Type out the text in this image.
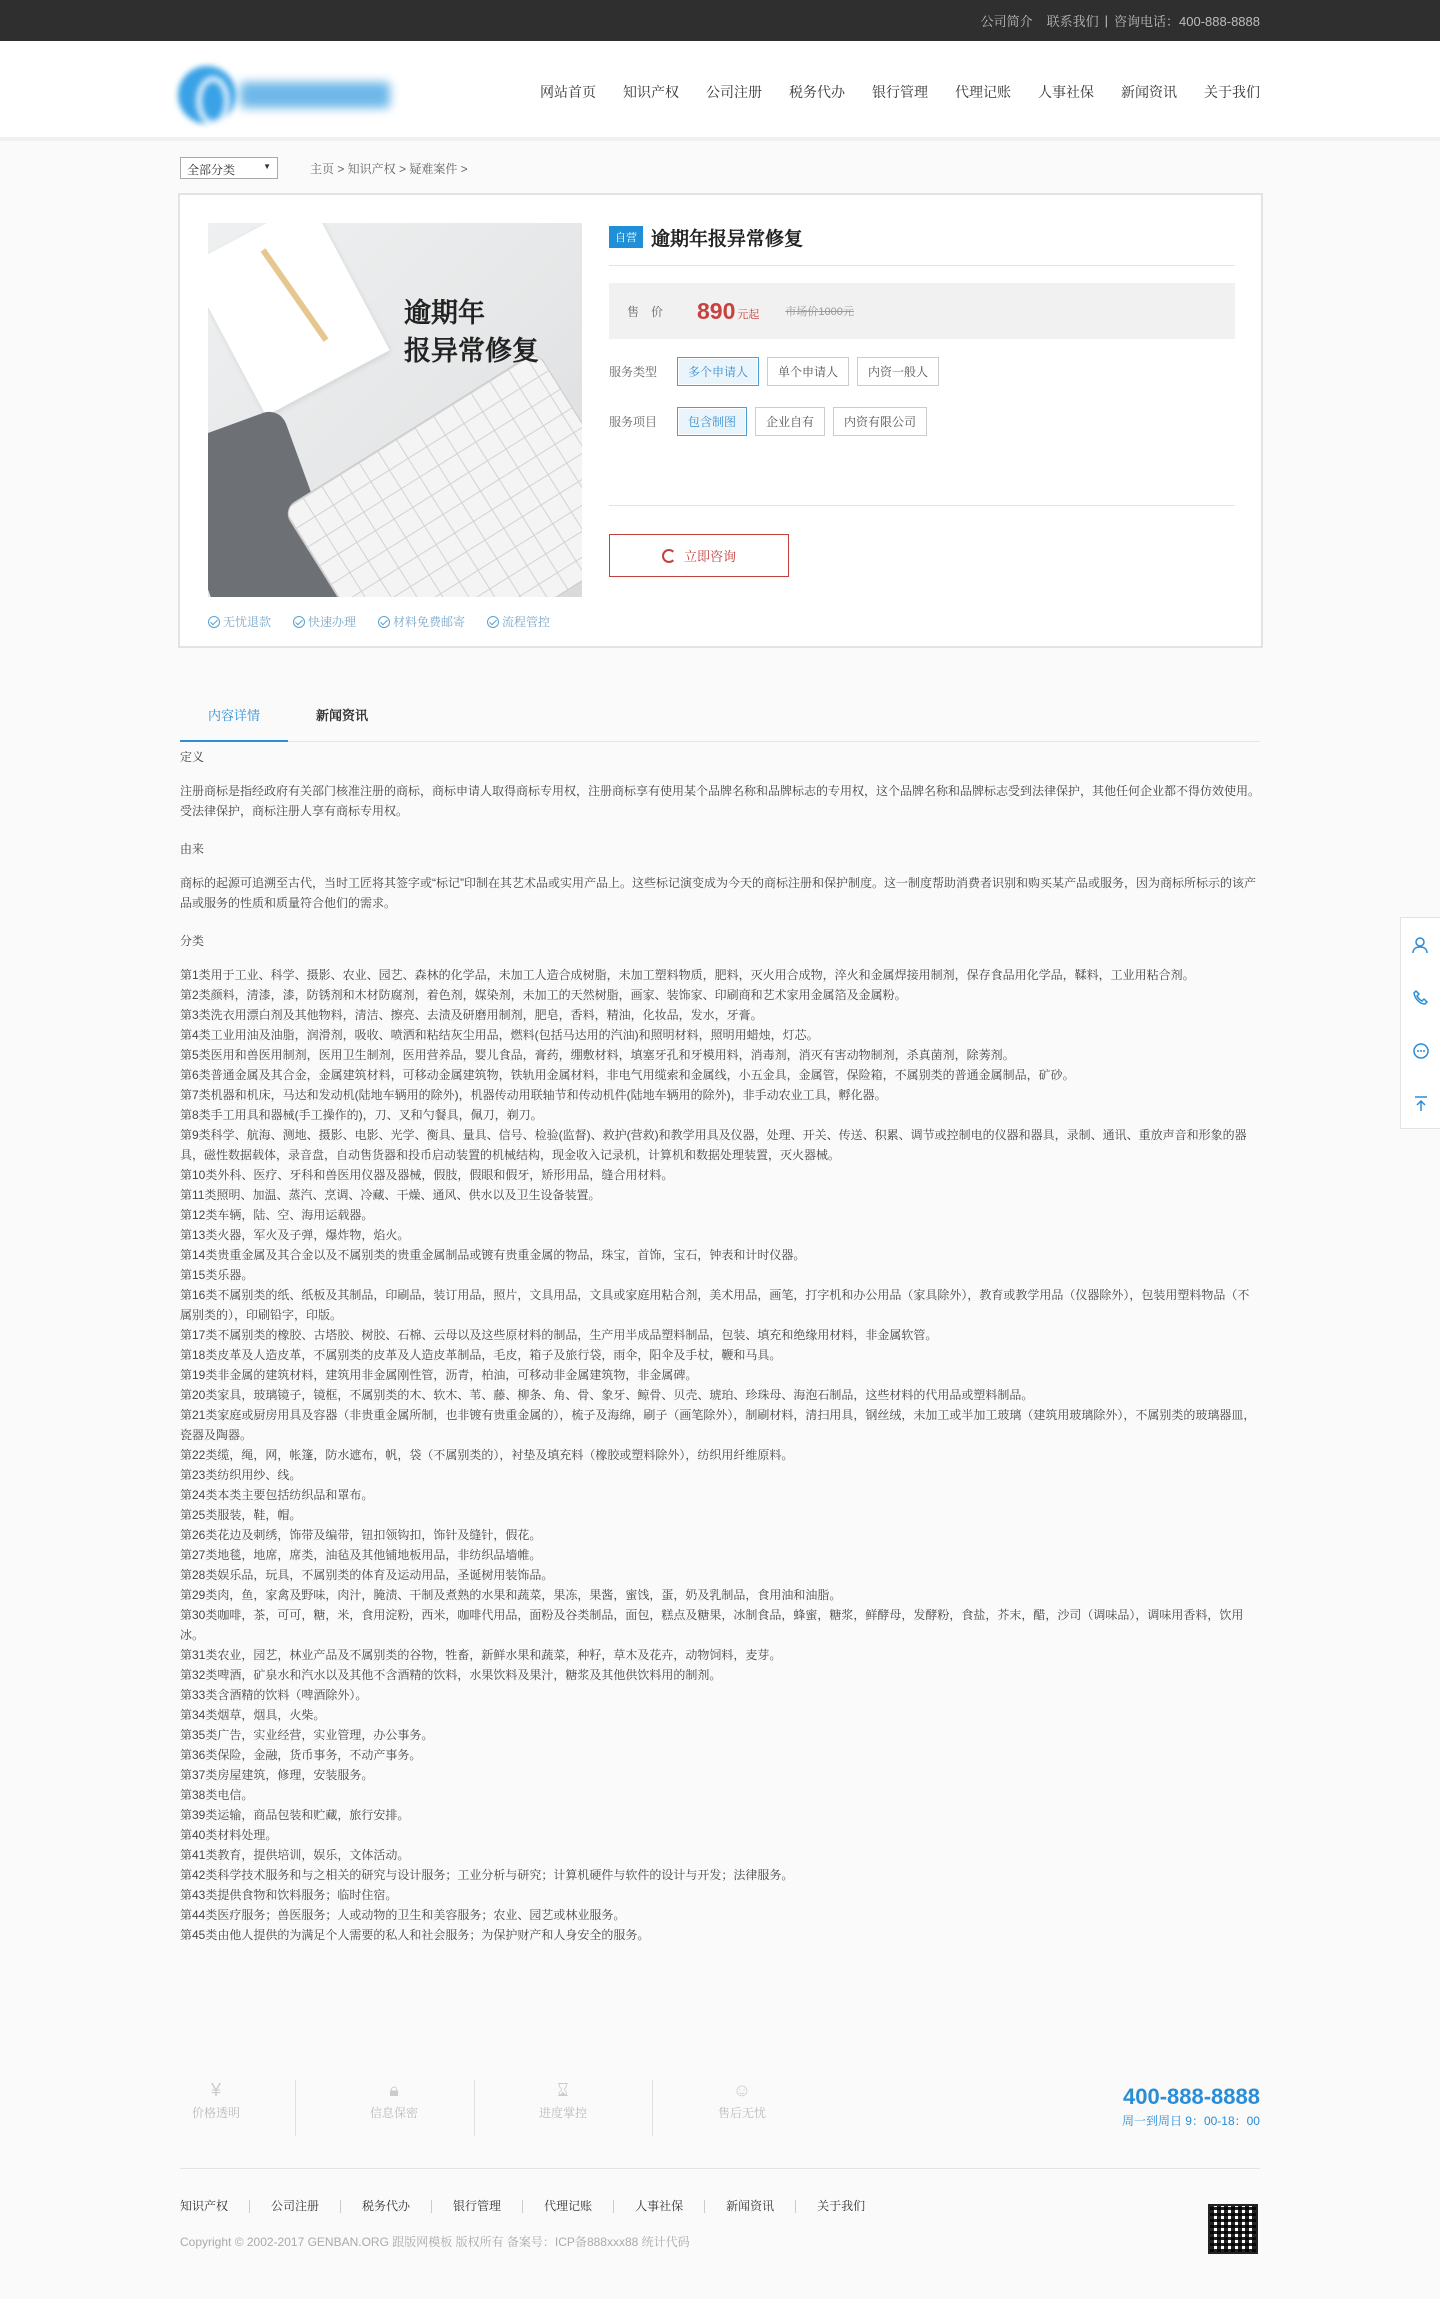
公司简介 联系我们 | 咨询电话：400-888-8888
网站首页 知识产权 公司注册 税务代办 银行管理 代理记账 人事社保 新闻资讯 关于我们
全部分类	▼	主页 > 知识产权 > 疑难案件 >
逾期年
报异常修复
无忧退款	快速办理	材料免费邮寄	流程管控
自营 逾期年报异常修复
售　价	890 元起 市场价1000元
服务类型	多个申请人	单个申请人	内资一般人
服务项目	包含制图	企业自有	内资有限公司
立即咨询
内容详情	新闻资讯
定义
注册商标是指经政府有关部门核准注册的商标，商标申请人取得商标专用权，注册商标享有使用某个品牌名称和品牌标志的专用权，这个品牌名称和品牌标志受到法律保护，其他任何企业都不得仿效使用。受法律保护，商标注册人享有商标专用权。
由来
商标的起源可追溯至古代，当时工匠将其签字或“标记”印制在其艺术品或实用产品上。这些标记演变成为今天的商标注册和保护制度。这一制度帮助消费者识别和购买某产品或服务，因为商标所标示的该产品或服务的性质和质量符合他们的需求。
分类
第1类用于工业、科学、摄影、农业、园艺、森林的化学品，未加工人造合成树脂，未加工塑料物质，肥料，灭火用合成物，淬火和金属焊接用制剂，保存食品用化学品，鞣料，工业用粘合剂。
第2类颜料，清漆，漆，防锈剂和木材防腐剂，着色剂，媒染剂，未加工的天然树脂，画家、装饰家、印刷商和艺术家用金属箔及金属粉。
第3类洗衣用漂白剂及其他物料，清洁、擦亮、去渍及研磨用制剂，肥皂，香料，精油，化妆品，发水，牙膏。
第4类工业用油及油脂，润滑剂，吸收、喷洒和粘结灰尘用品，燃料(包括马达用的汽油)和照明材料，照明用蜡烛，灯芯。
第5类医用和兽医用制剂，医用卫生制剂，医用营养品，婴儿食品，膏药，绷敷材料，填塞牙孔和牙模用料，消毒剂，消灭有害动物制剂，杀真菌剂，除莠剂。
第6类普通金属及其合金，金属建筑材料，可移动金属建筑物，铁轨用金属材料，非电气用缆索和金属线，小五金具，金属管，保险箱，不属别类的普通金属制品，矿砂。
第7类机器和机床，马达和发动机(陆地车辆用的除外)，机器传动用联轴节和传动机件(陆地车辆用的除外)，非手动农业工具，孵化器。
第8类手工用具和器械(手工操作的)，刀、叉和勺餐具，佩刀，剃刀。
第9类科学、航海、测地、摄影、电影、光学、衡具、量具、信号、检验(监督)、救护(营救)和教学用具及仪器，处理、开关、传送、积累、调节或控制电的仪器和器具，录制、通讯、重放声音和形象的器具，磁性数据载体，录音盘，自动售货器和投币启动装置的机械结构，现金收入记录机，计算机和数据处理装置，灭火器械。
第10类外科、医疗、牙科和兽医用仪器及器械，假肢，假眼和假牙，矫形用品，缝合用材料。
第11类照明、加温、蒸汽、烹调、冷藏、干燥、通风、供水以及卫生设备装置。
第12类车辆，陆、空、海用运载器。
第13类火器，军火及子弹，爆炸物，焰火。
第14类贵重金属及其合金以及不属别类的贵重金属制品或镀有贵重金属的物品，珠宝，首饰，宝石，钟表和计时仪器。
第15类乐器。
第16类不属别类的纸、纸板及其制品，印刷品，装订用品，照片，文具用品，文具或家庭用粘合剂，美术用品，画笔，打字机和办公用品（家具除外），教育或教学用品（仪器除外），包装用塑料物品（不属别类的），印刷铅字，印版。
第17类不属别类的橡胶、古塔胶、树胶、石棉、云母以及这些原材料的制品，生产用半成品塑料制品，包装、填充和绝缘用材料，非金属软管。
第18类皮革及人造皮革，不属别类的皮革及人造皮革制品，毛皮，箱子及旅行袋，雨伞，阳伞及手杖，鞭和马具。
第19类非金属的建筑材料，建筑用非金属刚性管，沥青，柏油，可移动非金属建筑物，非金属碑。
第20类家具，玻璃镜子，镜框，不属别类的木、软木、苇、藤、柳条、角、骨、象牙、鲸骨、贝壳、琥珀、珍珠母、海泡石制品，这些材料的代用品或塑料制品。
第21类家庭或厨房用具及容器（非贵重金属所制，也非镀有贵重金属的），梳子及海绵，刷子（画笔除外），制刷材料，清扫用具，钢丝绒，未加工或半加工玻璃（建筑用玻璃除外），不属别类的玻璃器皿，瓷器及陶器。
第22类缆，绳，网，帐篷，防水遮布，帆，袋（不属别类的），衬垫及填充料（橡胶或塑料除外），纺织用纤维原料。
第23类纺织用纱、线。
第24类本类主要包括纺织品和罩布。
第25类服装，鞋，帽。
第26类花边及刺绣，饰带及编带，钮扣领钩扣，饰针及缝针，假花。
第27类地毯，地席，席类，油毡及其他铺地板用品，非纺织品墙帷。
第28类娱乐品，玩具，不属别类的体育及运动用品，圣诞树用装饰品。
第29类肉，鱼，家禽及野味，肉汁，腌渍、干制及煮熟的水果和蔬菜，果冻，果酱，蜜饯，蛋，奶及乳制品，食用油和油脂。
第30类咖啡，茶，可可，糖，米，食用淀粉，西米，咖啡代用品，面粉及谷类制品，面包，糕点及糖果，冰制食品，蜂蜜，糖浆，鲜酵母，发酵粉，食盐，芥末，醋，沙司（调味品），调味用香料，饮用冰。
第31类农业，园艺，林业产品及不属别类的谷物，牲畜，新鲜水果和蔬菜，种籽，草木及花卉，动物饲料，麦芽。
第32类啤酒，矿泉水和汽水以及其他不含酒精的饮料，水果饮料及果汁，糖浆及其他供饮料用的制剂。
第33类含酒精的饮料（啤酒除外）。
第34类烟草，烟具，火柴。
第35类广告，实业经营，实业管理，办公事务。
第36类保险，金融，货币事务，不动产事务。
第37类房屋建筑，修理，安装服务。
第38类电信。
第39类运输，商品包装和贮藏，旅行安排。
第40类材料处理。
第41类教育，提供培训，娱乐，文体活动。
第42类科学技术服务和与之相关的研究与设计服务；工业分析与研究；计算机硬件与软件的设计与开发；法律服务。
第43类提供食物和饮料服务；临时住宿。
第44类医疗服务；兽医服务；人或动物的卫生和美容服务；农业、园艺或林业服务。
第45类由他人提供的为满足个人需要的私人和社会服务；为保护财产和人身安全的服务。
¥
价格透明
🔒︎
信息保密
⌛︎
进度掌控
☺
售后无忧
400-888-8888
周一到周日 9：00-18：00
知识产权	公司注册	税务代办	银行管理	代理记账	人事社保	新闻资讯	关于我们
Copyright © 2002-2017 GENBAN.ORG 跟版网模板 版权所有 备案号：ICP备888xxx88 统计代码
